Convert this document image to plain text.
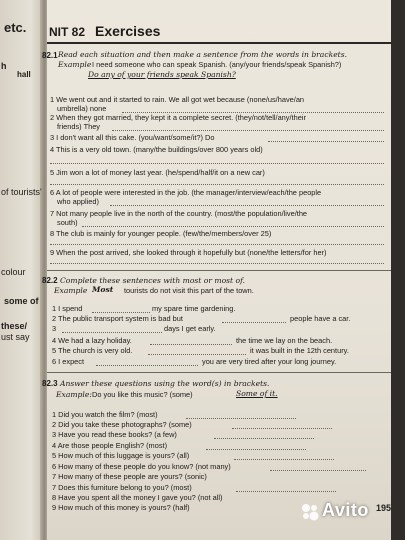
etc.
h
hall
of tourists'
colour
some of
these/
ust say
NIT 82 Exercises
82.1 Read each situation and then make a sentence from the words in brackets.
Example I need someone who can speak Spanish. (any/your friends/speak Spanish?)
Do any of your friends speak Spanish?
1 We went out and it started to rain. We all got wet because (none/us/have/an
umbrella) none
2 When they got married, they kept it a complete secret. (they/not/tell/any/their
friends) They
3 I don't want all this cake. (you/want/some/it?) Do
4 This is a very old town. (many/the buildings/over 800 years old)
5 Jim won a lot of money last year. (he/spend/half/it on a new car)
6 A lot of people were interested in the job. (the manager/interview/each/the people
who applied)
7 Not many people live in the north of the country. (most/the population/live/the
south)
8 The club is mainly for younger people. (few/the/members/over 25)
9 When the post arrived, she looked through it hopefully but (none/the letters/for her)
82.2 Complete these sentences with most or most of.
Example Most tourists do not visit this part of the town.
1 I spend	my spare time gardening.
2 The public transport system is bad but	people have a car.
3	days I get early.
4 We had a lazy holiday.	the time we lay on the beach.
5 The church is very old.	it was built in the 12th century.
6 I expect	you are very tired after your long journey.
82.3 Answer these questions using the word(s) in brackets.
Example: Do you like this music? (some)	Some of it.
1 Did you watch the film? (most)
2 Did you take these photographs? (some)
3 Have you read these books? (a few)
4 Are those people English? (most)
5 How much of this luggage is yours? (all)
6 How many of these people do you know? (not many)
7 How many of these people are yours? (sonic)
7 Does this furniture belong to you? (most)
8 Have you spent all the money I gave you? (not all)
9 How much of this money is yours? (half)	195
Avito
